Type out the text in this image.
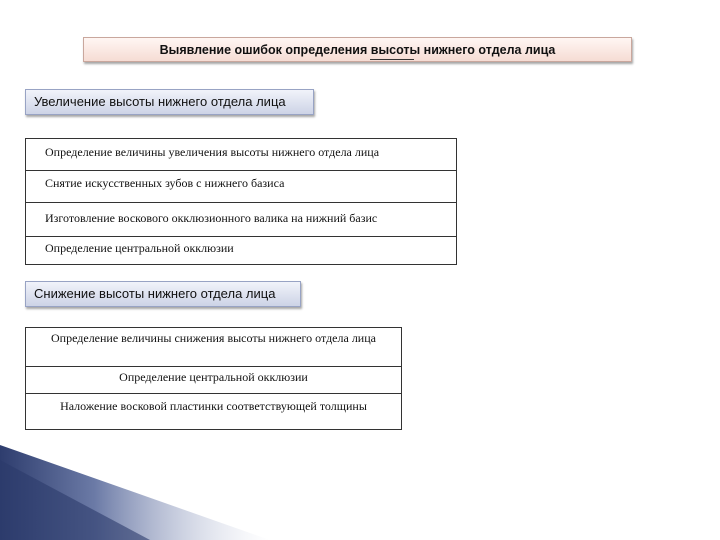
Выявление ошибок определения высоты нижнего отдела лица
Увеличение высоты нижнего отдела лица
Определение величины увеличения высоты нижнего отдела лица
Снятие искусственных зубов с нижнего базиса
Изготовление воскового окклюзионного валика на нижний базис
Определение центральной окклюзии
Снижение высоты нижнего отдела лица
Определение величины снижения высоты нижнего отдела лица
Определение центральной окклюзии
Наложение восковой пластинки соответствующей толщины
